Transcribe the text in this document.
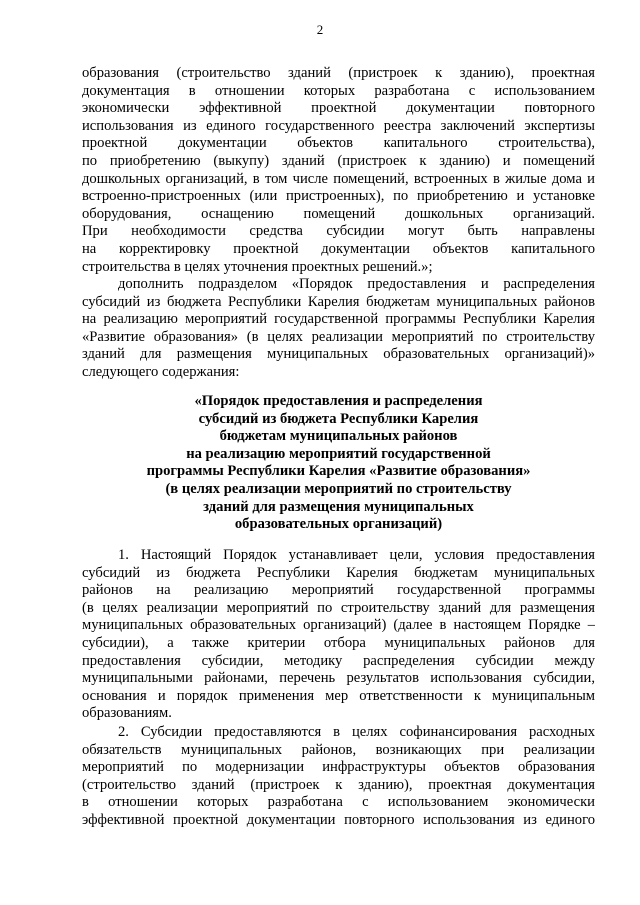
2
образования (строительство зданий (пристроек к зданию), проектная
документация в отношении которых разработана с использованием
экономически эффективной проектной документации повторного
использования из единого государственного реестра заключений экспертизы
проектной документации объектов капитального строительства),
по приобретению (выкупу) зданий (пристроек к зданию) и помещений
дошкольных организаций, в том числе помещений, встроенных в жилые дома и
встроенно-пристроенных (или пристроенных), по приобретению и установке
оборудования, оснащению помещений дошкольных организаций.
При необходимости средства субсидии могут быть направлены
на корректировку проектной документации объектов капитального
строительства в целях уточнения проектных решений.»;
дополнить подразделом «Порядок предоставления и распределения
субсидий из бюджета Республики Карелия бюджетам муниципальных районов
на реализацию мероприятий государственной программы Республики Карелия
«Развитие образования» (в целях реализации мероприятий по строительству
зданий для размещения муниципальных образовательных организаций)»
следующего содержания:
«Порядок предоставления и распределения
субсидий из бюджета Республики Карелия
бюджетам муниципальных районов
на реализацию мероприятий государственной
программы Республики Карелия «Развитие образования»
(в целях реализации мероприятий по строительству
зданий для размещения муниципальных
образовательных организаций)
1. Настоящий Порядок устанавливает цели, условия предоставления
субсидий из бюджета Республики Карелия бюджетам муниципальных
районов на реализацию мероприятий государственной программы
(в целях реализации мероприятий по строительству зданий для размещения
муниципальных образовательных организаций) (далее в настоящем Порядке –
субсидии), а также критерии отбора муниципальных районов для
предоставления субсидии, методику распределения субсидии между
муниципальными районами, перечень результатов использования субсидии,
основания и порядок применения мер ответственности к муниципальным
образованиям.
2. Субсидии предоставляются в целях софинансирования расходных
обязательств муниципальных районов, возникающих при реализации
мероприятий по модернизации инфраструктуры объектов образования
(строительство зданий (пристроек к зданию), проектная документация
в отношении которых разработана с использованием экономически
эффективной проектной документации повторного использования из единого
